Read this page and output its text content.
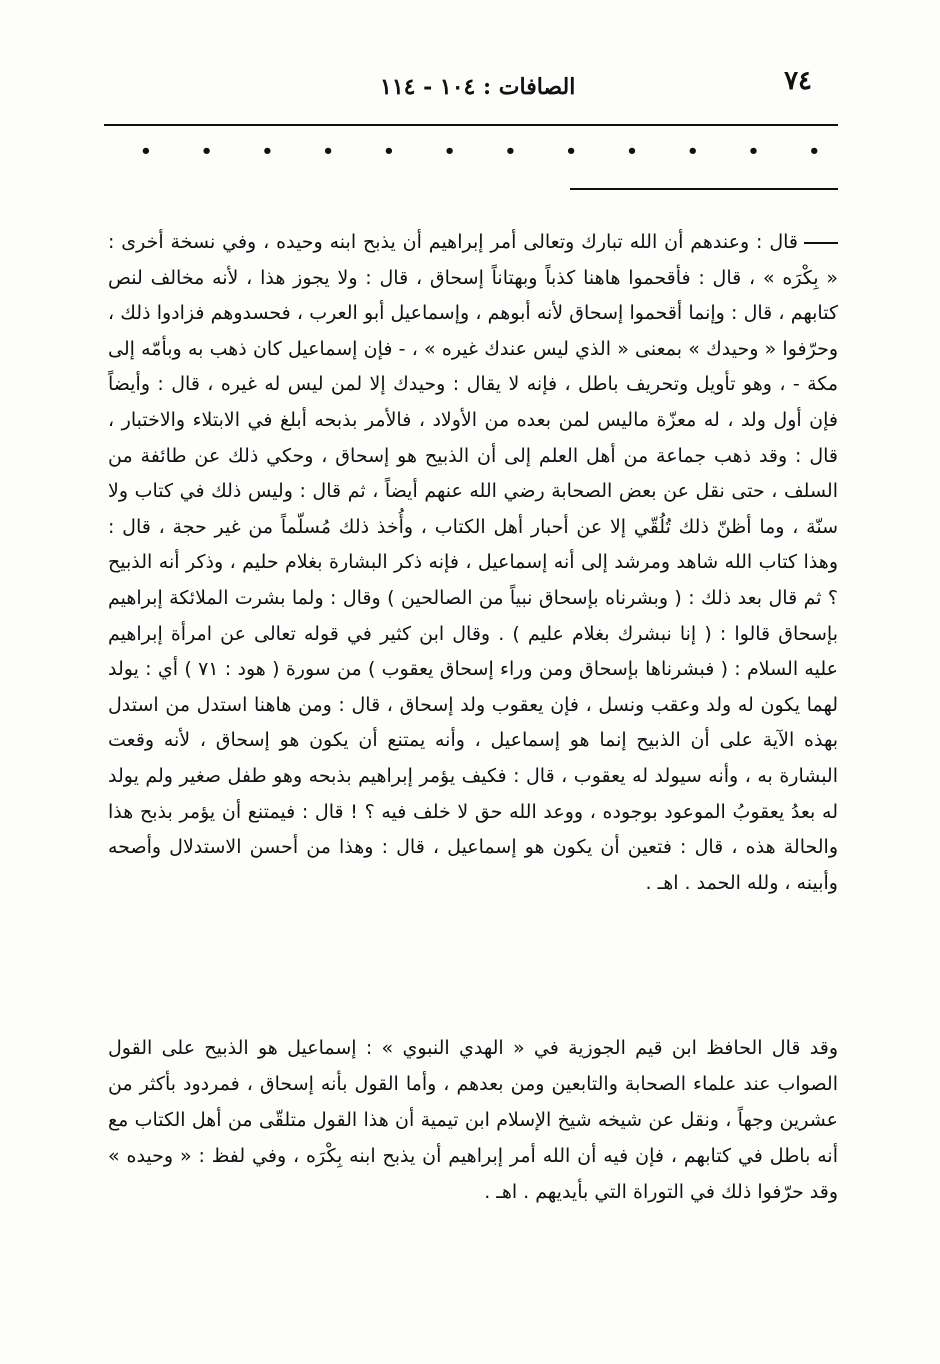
٧٤
الصافات : ١٠٤ - ١١٤
•
•
•
•
•
•
•
•
•
•
•
•
قال : وعندهم أن الله تبارك وتعالى أمر إبراهيم أن يذبح ابنه وحيده ، وفي نسخة أخرى : « بِكْرَه » ، قال : فأقحموا هاهنا كذباً وبهتاناً إسحاق ، قال : ولا يجوز هذا ، لأنه مخالف لنص كتابهم ، قال : وإنما أقحموا إسحاق لأنه أبوهم ، وإسماعيل أبو العرب ، فحسدوهم فزادوا ذلك ، وحرّفوا « وحيدك » بمعنى « الذي ليس عندك غيره » ، - فإن إسماعيل كان ذهب به وبأمّه إلى مكة - ، وهو تأويل وتحريف باطل ، فإنه لا يقال : وحيدك إلا لمن ليس له غيره ، قال : وأيضاً فإن أول ولد ، له معزّة ماليس لمن بعده من الأولاد ، فالأمر بذبحه أبلغ في الابتلاء والاختبار ، قال : وقد ذهب جماعة من أهل العلم إلى أن الذبيح هو إسحاق ، وحكي ذلك عن طائفة من السلف ، حتى نقل عن بعض الصحابة رضي الله عنهم أيضاً ، ثم قال : وليس ذلك في كتاب ولا سنّة ، وما أظنّ ذلك تُلُقّي إلا عن أحبار أهل الكتاب ، وأُخذ ذلك مُسلّماً من غير حجة ، قال : وهذا كتاب الله شاهد ومرشد إلى أنه إسماعيل ، فإنه ذكر البشارة بغلام حليم ، وذكر أنه الذبيح ؟ ثم قال بعد ذلك : ( وبشرناه بإسحاق نبياً من الصالحين ) وقال : ولما بشرت الملائكة إبراهيم بإسحاق قالوا : ( إنا نبشرك بغلام عليم ) . وقال ابن كثير في قوله تعالى عن امرأة إبراهيم عليه السلام : ( فبشرناها بإسحاق ومن وراء إسحاق يعقوب ) من سورة ( هود : ٧١ ) أي : يولد لهما يكون له ولد وعقب ونسل ، فإن يعقوب ولد إسحاق ، قال : ومن هاهنا استدل من استدل بهذه الآية على أن الذبيح إنما هو إسماعيل ، وأنه يمتنع أن يكون هو إسحاق ، لأنه وقعت البشارة به ، وأنه سيولد له يعقوب ، قال : فكيف يؤمر إبراهيم بذبحه وهو طفل صغير ولم يولد له بعدُ يعقوبُ الموعود بوجوده ، ووعد الله حق لا خلف فيه ؟ ! قال : فيمتنع أن يؤمر بذبح هذا والحالة هذه ، قال : فتعين أن يكون هو إسماعيل ، قال : وهذا من أحسن الاستدلال وأصحه وأبينه ، ولله الحمد . اهـ .
وقد قال الحافظ ابن قيم الجوزية في « الهدي النبوي » : إسماعيل هو الذبيح على القول الصواب عند علماء الصحابة والتابعين ومن بعدهم ، وأما القول بأنه إسحاق ، فمردود بأكثر من عشرين وجهاً ، ونقل عن شيخه شيخ الإسلام ابن تيمية أن هذا القول متلقّى من أهل الكتاب مع أنه باطل في كتابهم ، فإن فيه أن الله أمر إبراهيم أن يذبح ابنه بِكْرَه ، وفي لفظ : « وحيده » وقد حرّفوا ذلك في التوراة التي بأيديهم . اهـ .
